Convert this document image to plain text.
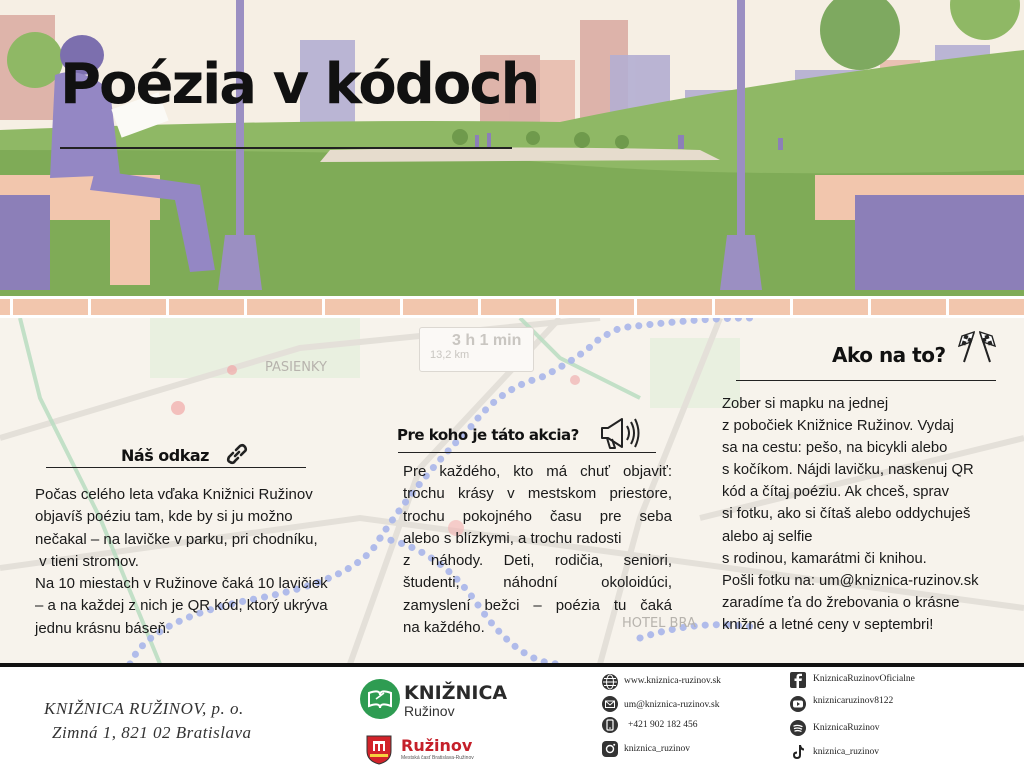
Poézia v kódoch
PASIENKY
HOTEL BRA
3 h 1 min
13,2 km
Náš odkaz

Počas celého leta vďaka Knižnici Ružinov

objavíš poéziu tam, kde by si ju možno

nečakal – na lavičke v parku, pri chodníku,

v tieni stromov.

Na 10 miestach v Ružinove čaká 10 lavičiek

– a na každej z nich je QR kód, ktorý ukrýva

jednu krásnu báseň.

Pre koho je táto akcia?

Pre každého, kto má chuť objaviť:

trochu krásy v mestskom priestore,

trochu pokojného času pre seba

alebo s blízkymi, a trochu radosti

z náhody. Deti, rodičia, seniori,

študenti, náhodní okoloidúci,

zamyslení bežci – poézia tu čaká

na každého.

Ako na to?

Zober si mapku na jednej

z pobočiek Knižnice Ružinov. Vydaj

sa na cestu: pešo, na bicykli alebo

s kočíkom. Nájdi lavičku, naskenuj QR

kód a čítaj poéziu. Ak chceš, sprav

si fotku, ako si čítaš alebo oddychuješ

alebo aj selfie

s rodinou, kamarátmi či knihou.

Pošli fotku na: um@kniznica-ruzinov.sk

zaradíme ťa do žrebovania o krásne

knižné a letné ceny v septembri!

KNIŽNICA RUŽINOV, p. o.
Zimná 1, 821 02 Bratislava
KNIŽNICA
Ružinov
Ružinov
Mestská časť Bratislava-Ružinov
www.kniznica-ruzinov.sk
um@kniznica-ruzinov.sk
+421 902 182 456
kniznica_ruzinov
KniznicaRuzinovOficialne
kniznicaruzinov8122
KniznicaRuzinov
kniznica_ruzinov
